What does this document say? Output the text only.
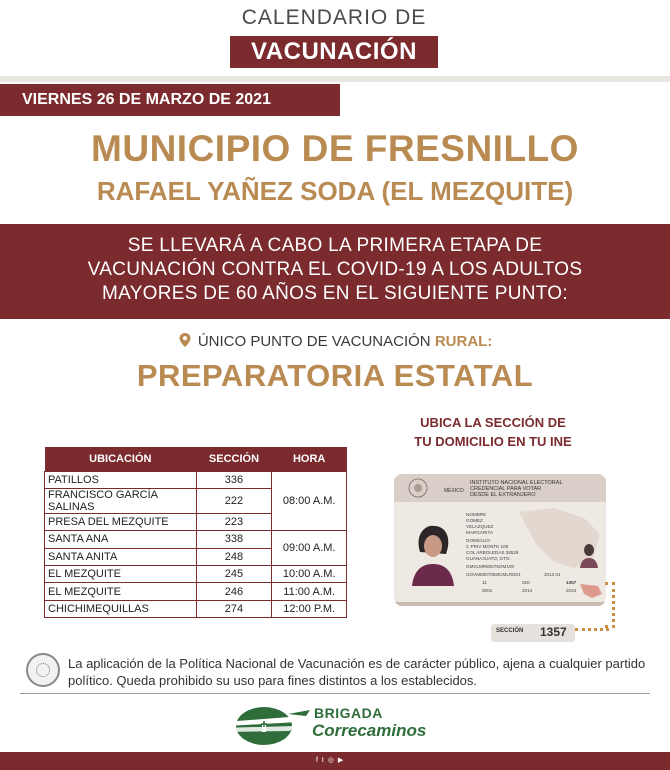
CALENDARIO DE
VACUNACIÓN
VIERNES 26 DE MARZO DE 2021
MUNICIPIO DE FRESNILLO
RAFAEL YAÑEZ SODA (EL MEZQUITE)
SE LLEVARÁ A CABO LA PRIMERA ETAPA DE
VACUNACIÓN CONTRA EL COVID-19 A LOS ADULTOS
MAYORES DE 60 AÑOS EN EL SIGUIENTE PUNTO:
ÚNICO PUNTO DE VACUNACIÓN RURAL:
PREPARATORIA ESTATAL
UBICA LA SECCIÓN DE
TU DOMICILIO EN TU INE
UBICACIÓN	SECCIÓN	HORA
PATILLOS	336	08:00 A.M.
FRANCISCO GARCÍA SALINAS	222	
PRESA DEL MEZQUITE	223	
SANTA ANA	338	09:00 A.M.
SANTA ANITA	248	
EL MEZQUITE	245	10:00 A.M.
EL MEZQUITE	246	11:00 A.M.
CHICHIMEQUILLAS	274	12:00 P.M.
MÉXICO
INSTITUTO NACIONAL ELECTORAL
CREDENCIAL PARA VOTAR
DESDE EL EXTRANJERO
NOMBRE
GOMEZ
VELAZQUEZ
MARGARITA
DOMICILIO
C PRIV MONTE 109
COL ARBOLEDAS 38526
GUANAJUATO, GTO.
GMVLMR80075OM100
GOVM800705MCMLRD01	2013 01
11	020	1357
0001	2014	2024
SECCIÓN 1357
La aplicación de la Política Nacional de Vacunación es de carácter público, ajena a cualquier partido político. Queda prohibido su uso para fines distintos a los establecidos.
BRIGADA
Correcaminos
f t ◎ ▶
